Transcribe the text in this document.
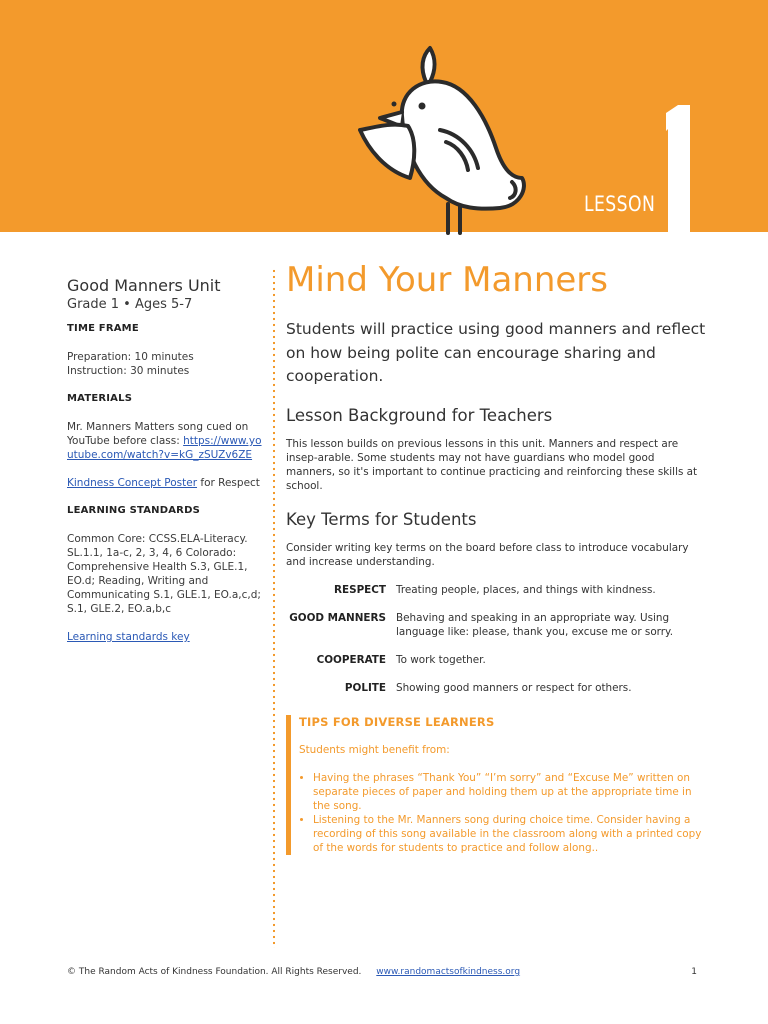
LESSON	1

Good Manners Unit

Grade 1 • Ages 5-7

TIME FRAME

Preparation: 10 minutes
Instruction: 30 minutes

MATERIALS

Mr. Manners Matters song cued on YouTube before class: https://www.youtube.com/watch?v=kG_zSUZv6ZE

Kindness Concept Poster for Respect

LEARNING STANDARDS

Common Core: CCSS.ELA-Literacy. SL.1.1, 1a-c, 2, 3, 4, 6 Colorado: Comprehensive Health S.3, GLE.1, EO.d; Reading, Writing and Communicating S.1, GLE.1, EO.a,c,d; S.1, GLE.2, EO.a,b,c

Learning standards key

Mind Your Manners

Students will practice using good manners and reflect on how being polite can encourage sharing and cooperation.

Lesson Background for Teachers

This lesson builds on previous lessons in this unit. Manners and respect are insep-arable. Some students may not have guardians who model good manners, so it's important to continue practicing and reinforcing these skills at school.

Key Terms for Students

Consider writing key terms on the board before class to introduce vocabulary and increase understanding.

RESPECT Treating people, places, and things with kindness.
GOOD MANNERS Behaving and speaking in an appropriate way. Using language like: please, thank you, excuse me or sorry.
COOPERATE To work together.
POLITE Showing good manners or respect for others.
TIPS FOR DIVERSE LEARNERS

Students might benefit from:

• Having the phrases “Thank You” “I’m sorry” and “Excuse Me” written on separate pieces of paper and holding them up at the appropriate time in the song.
• Listening to the Mr. Manners song during choice time. Consider having a recording of this song available in the classroom along with a printed copy of the words for students to practice and follow along..
© The Random Acts of Kindness Foundation. All Rights Reserved. www.randomactsofkindness.org	1
